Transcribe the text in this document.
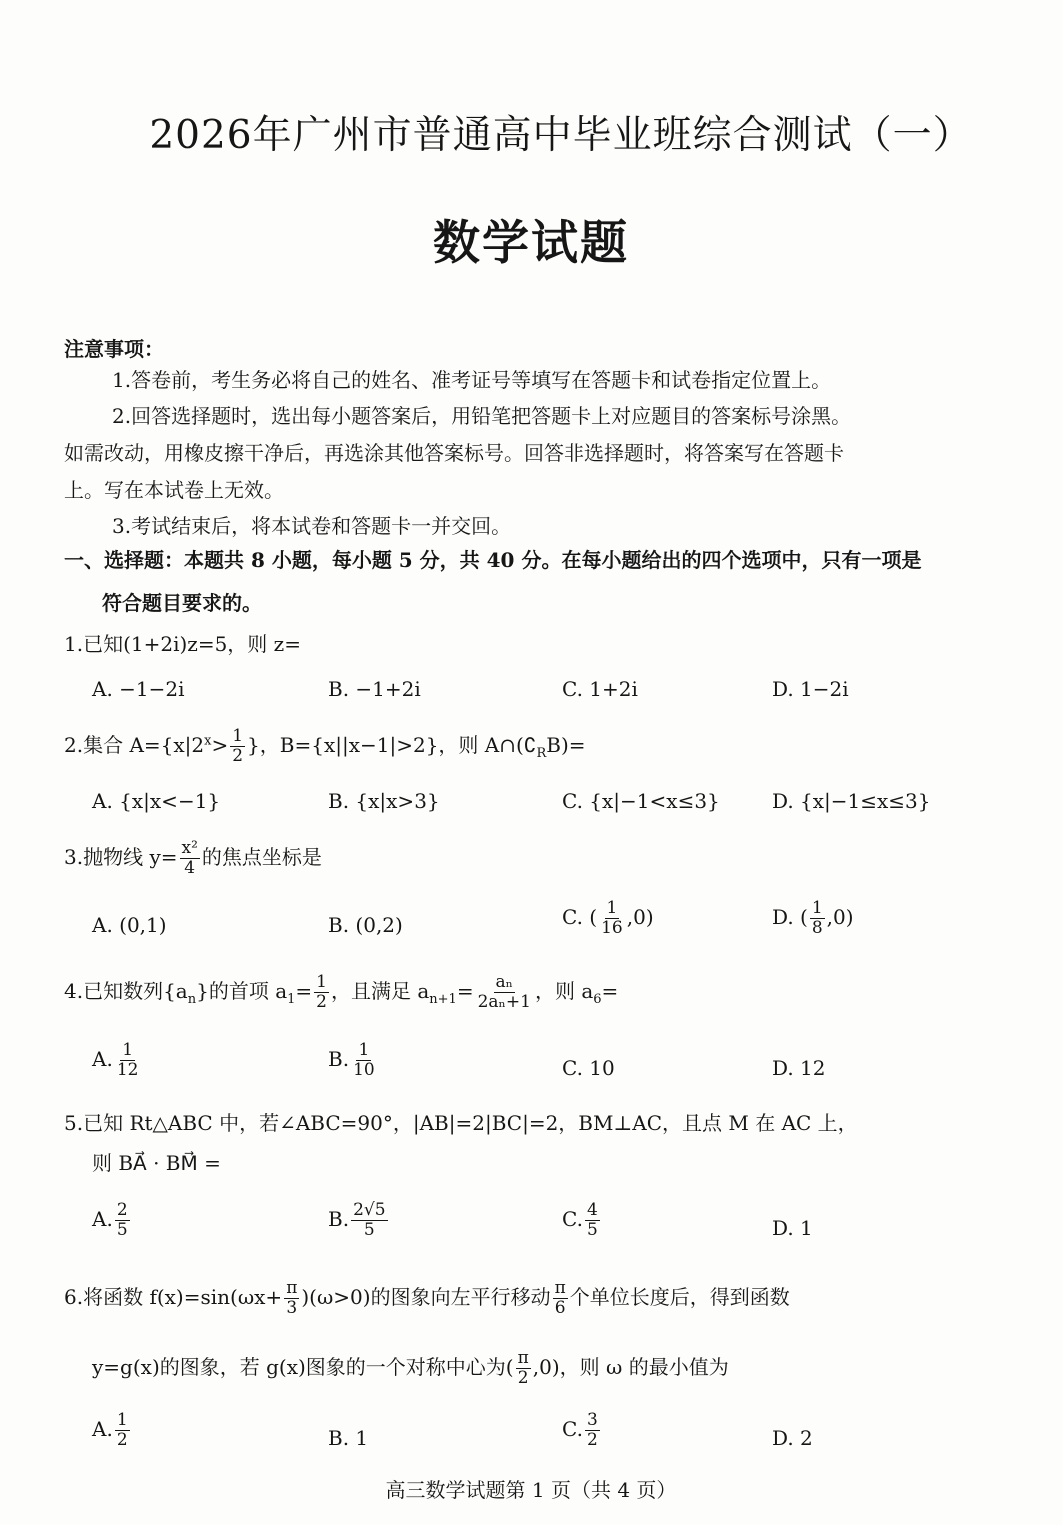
2026年广州市普通高中毕业班综合测试（一）
数学试题
注意事项：
1.答卷前，考生务必将自己的姓名、准考证号等填写在答题卡和试卷指定位置上。
2.回答选择题时，选出每小题答案后，用铅笔把答题卡上对应题目的答案标号涂黑。
如需改动，用橡皮擦干净后，再选涂其他答案标号。回答非选择题时，将答案写在答题卡
上。写在本试卷上无效。
3.考试结束后，将本试卷和答题卡一并交回。
一、选择题：本题共 8 小题，每小题 5 分，共 40 分。在每小题给出的四个选项中，只有一项是
符合题目要求的。
1.已知(1+2i)z=5，则 z=
A. −1−2i	B. −1+2i	C. 1+2i	D. 1−2i
2.集合 $A=\{x|2^x> \frac{1}{2}$ }，B={x||x−1|>2}，则 $A\cap(∁_RB)=$
A. {x|x<−1}	B. {x|x>3}	C. {x|−1<x≤3}	D. {x|−1≤x≤3}
3.抛物线 $y= \frac{\text{x²}}{4}$ 的焦点坐标是
A. (0,1)	B. (0,2)	C. ( $\frac{1}{16} ,0$)	D. ( $\frac{1}{8} ,0$)
4.已知数列$\{a_n\}$的首项 $a_1= \frac{1}{2}$ ，且满足 $a_{n+1}= \frac{\text{aₙ}}{\text{2aₙ+1}}$ ，则 $a_6=$
A. $\frac{1}{12}$	B. $\frac{1}{10}$	C. 10	D. 12
5.已知 Rt△ABC 中，若∠ABC=90°，|AB|=2|BC|=2，BM⊥AC，且点 M 在 AC 上，
则 BA⃗ · BM⃗ =
A. $\frac{2}{5}$	B. $\frac{2√5}{5}$	C. $\frac{4}{5}$	D. 1
6.将函数 $f(x)=\sin(\omega x+ \frac{\pi}{3} )(\omega>0)$的图象向左平行移动 $\frac{\pi}{6}$ 个单位长度后，得到函数
y=g(x)的图象，若 g(x)图象的一个对称中心为( $\frac{\pi}{2} ,0$)，则 ω 的最小值为
A. $\frac{1}{2}$	B. 1	C. $\frac{3}{2}$	D. 2
高三数学试题第 1 页（共 4 页）
